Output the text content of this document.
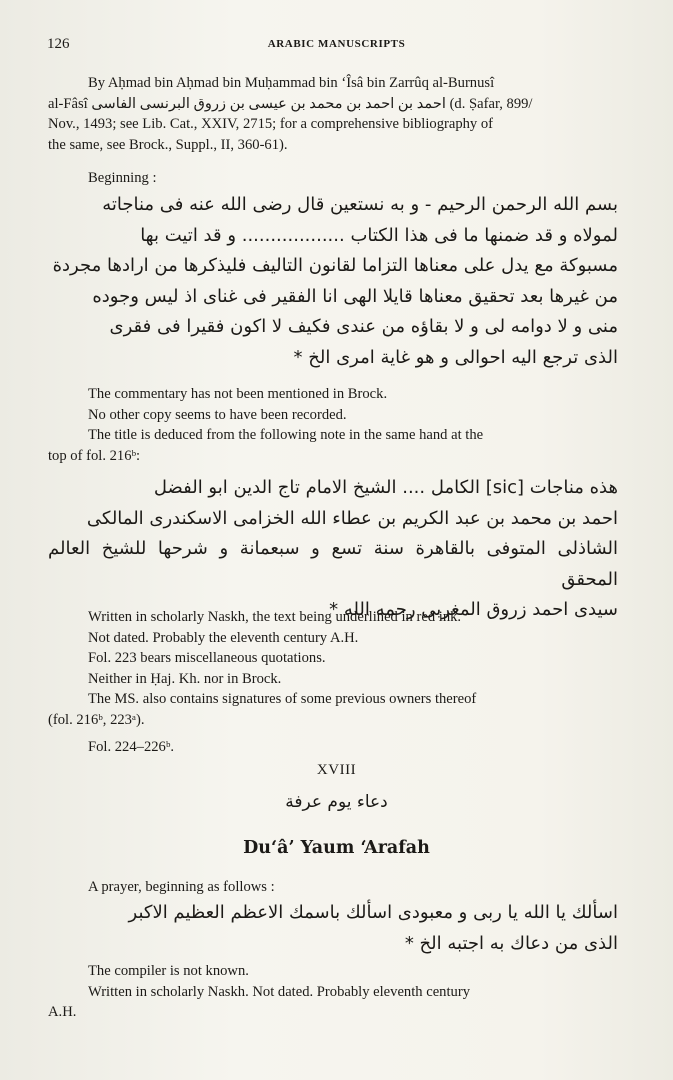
126	ARABIC MANUSCRIPTS

By Aḥmad bin Aḥmad bin Muḥammad bin ‘Îsâ bin Zarrûq al-Burnusî

al-Fâsî احمد بن احمد بن محمد بن عيسى بن زروق البرنسى الفاسى (d. Ṣafar, 899/

Nov., 1493; see Lib. Cat., XXIV, 2715; for a comprehensive bibliography of

the same, see Brock., Suppl., II, 360-61).

Beginning :

بسم الله الرحمن الرحيم - و به نستعين قال رضى الله عنه فى مناجاته

لمولاه و قد ضمنها ما فى هذا الكتاب .................. و قد اتيت بها

مسبوكة مع يدل على معناها التزاما لقانون التاليف فليذكرها من ارادها مجردة

من غيرها بعد تحقيق معناها قايلا الهى انا الفقير فى غناى اذ ليس وجوده

منى و لا دوامه لى و لا بقاؤه من عندى فكيف لا اكون فقيرا فى فقرى

الذى ترجع اليه احوالى و هو غاية امرى الخ *

The commentary has not been mentioned in Brock.

No other copy seems to have been recorded.

The title is deduced from the following note in the same hand at the

top of fol. 216ᵇ:

هذه مناجات [sic] الكامل .... الشيخ الامام تاج الدين ابو الفضل

احمد بن محمد بن عبد الكريم بن عطاء الله الخزامى الاسكندرى المالكى

الشاذلى المتوفى بالقاهرة سنة تسع و سبعمانة و شرحها للشيخ العالم المحقق

سيدى احمد زروق المغربى رحمه الله *

Written in scholarly Naskh, the text being underlined in red ink.

Not dated. Probably the eleventh century A.H.

Fol. 223 bears miscellaneous quotations.

Neither in Ḥaj. Kh. nor in Brock.

The MS. also contains signatures of some previous owners thereof

(fol. 216ᵇ, 223ᵃ).

Fol. 224–226ᵇ.

XVIII
دعاء يوم عرفة
Du‘â’ Yaum ‘Arafah

A prayer, beginning as follows :

اسألك يا الله يا ربى و معبودى اسألك باسمك الاعظم العظيم الاكبر

الذى من دعاك به اجتبه الخ *

The compiler is not known.

Written in scholarly Naskh. Not dated. Probably eleventh century

A.H.
